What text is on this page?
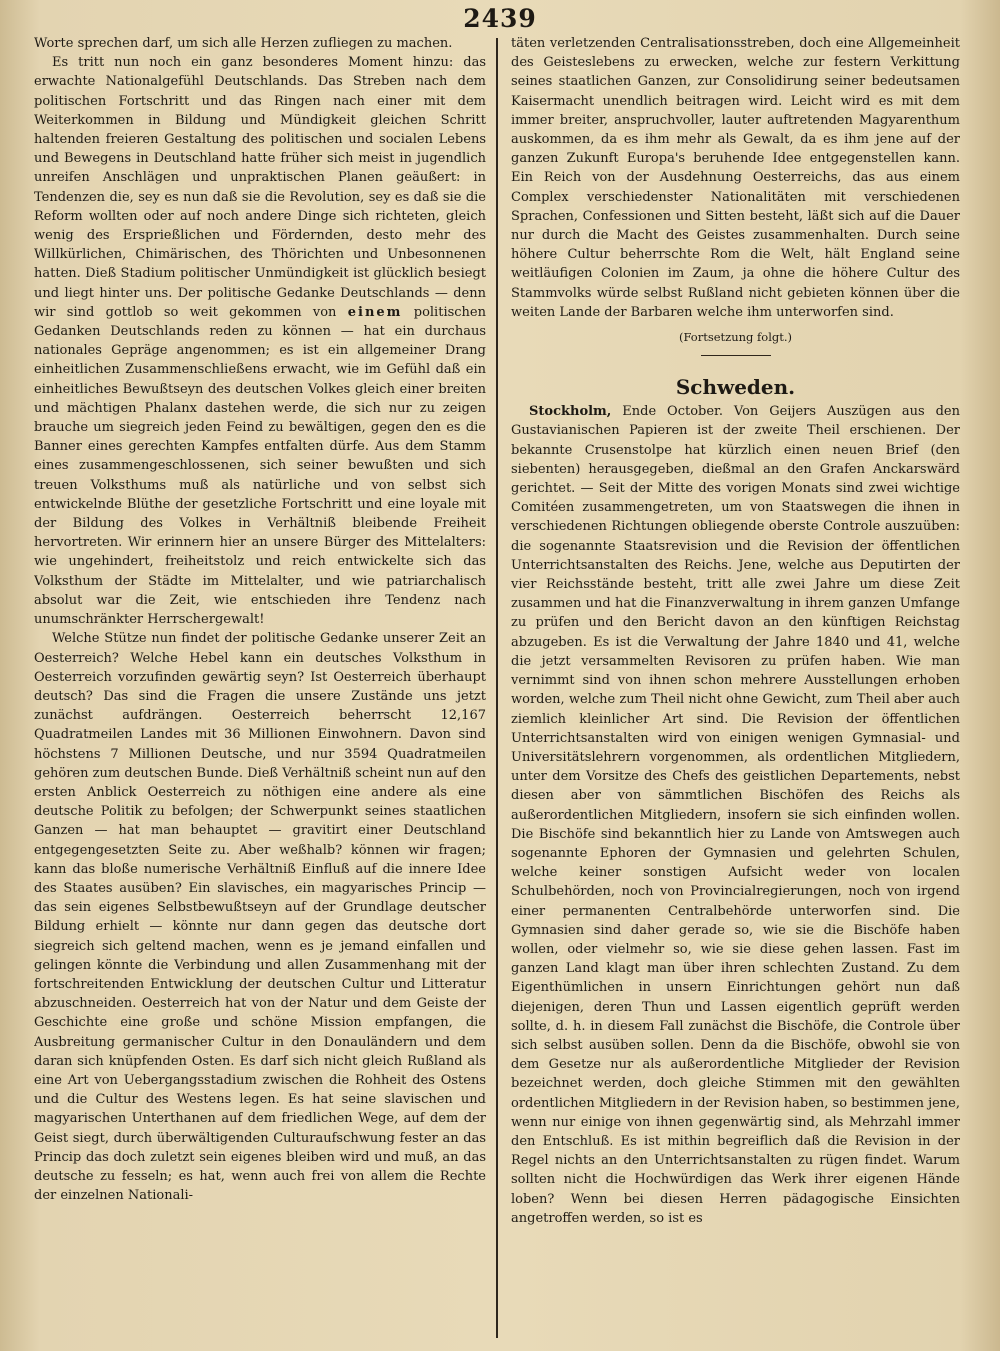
2439

Worte sprechen darf, um sich alle Herzen zufliegen zu machen.

Es tritt nun noch ein ganz besonderes Moment hinzu: das erwachte Nationalgefühl Deutschlands. Das Streben nach dem politischen Fortschritt und das Ringen nach einer mit dem Weiterkommen in Bildung und Mündigkeit gleichen Schritt haltenden freieren Gestaltung des politischen und socialen Lebens und Bewegens in Deutschland hatte früher sich meist in jugendlich unreifen Anschlägen und unpraktischen Planen geäußert: in Tendenzen die, sey es nun daß sie die Revolution, sey es daß sie die Reform wollten oder auf noch andere Dinge sich richteten, gleich wenig des Ersprießlichen und Fördernden, desto mehr des Willkürlichen, Chimärischen, des Thörichten und Unbesonnenen hatten. Dieß Stadium politischer Unmündigkeit ist glücklich besiegt und liegt hinter uns. Der politische Gedanke Deutschlands — denn wir sind gottlob so weit gekommen von einem politischen Gedanken Deutschlands reden zu können — hat ein durchaus nationales Gepräge angenommen; es ist ein allgemeiner Drang einheitlichen Zusammenschließens erwacht, wie im Gefühl daß ein einheitliches Bewußtseyn des deutschen Volkes gleich einer breiten und mächtigen Phalanx dastehen werde, die sich nur zu zeigen brauche um siegreich jeden Feind zu bewältigen, gegen den es die Banner eines gerechten Kampfes entfalten dürfe. Aus dem Stamm eines zusammengeschlossenen, sich seiner bewußten und sich treuen Volksthums muß als natürliche und von selbst sich entwickelnde Blüthe der gesetzliche Fortschritt und eine loyale mit der Bildung des Volkes in Verhältniß bleibende Freiheit hervortreten. Wir erinnern hier an unsere Bürger des Mittelalters: wie ungehindert, freiheitstolz und reich entwickelte sich das Volksthum der Städte im Mittelalter, und wie patriarchalisch absolut war die Zeit, wie entschieden ihre Tendenz nach unumschränkter Herrschergewalt!

Welche Stütze nun findet der politische Gedanke unserer Zeit an Oesterreich? Welche Hebel kann ein deutsches Volksthum in Oesterreich vorzufinden gewärtig seyn? Ist Oesterreich überhaupt deutsch? Das sind die Fragen die unsere Zustände uns jetzt zunächst aufdrängen. Oesterreich beherrscht 12,167 Quadratmeilen Landes mit 36 Millionen Einwohnern. Davon sind höchstens 7 Millionen Deutsche, und nur 3594 Quadratmeilen gehören zum deutschen Bunde. Dieß Verhältniß scheint nun auf den ersten Anblick Oesterreich zu nöthigen eine andere als eine deutsche Politik zu befolgen; der Schwerpunkt seines staatlichen Ganzen — hat man behauptet — gravitirt einer Deutschland entgegengesetzten Seite zu. Aber weßhalb? können wir fragen; kann das bloße numerische Verhältniß Einfluß auf die innere Idee des Staates ausüben? Ein slavisches, ein magyarisches Princip — das sein eigenes Selbstbewußtseyn auf der Grundlage deutscher Bildung erhielt — könnte nur dann gegen das deutsche dort siegreich sich geltend machen, wenn es je jemand einfallen und gelingen könnte die Verbindung und allen Zusammenhang mit der fortschreitenden Entwicklung der deutschen Cultur und Litteratur abzuschneiden. Oesterreich hat von der Natur und dem Geiste der Geschichte eine große und schöne Mission empfangen, die Ausbreitung germanischer Cultur in den Donauländern und dem daran sich knüpfenden Osten. Es darf sich nicht gleich Rußland als eine Art von Uebergangsstadium zwischen die Rohheit des Ostens und die Cultur des Westens legen. Es hat seine slavischen und magyarischen Unterthanen auf dem friedlichen Wege, auf dem der Geist siegt, durch überwältigenden Culturaufschwung fester an das Princip das doch zuletzt sein eigenes bleiben wird und muß, an das deutsche zu fesseln; es hat, wenn auch frei von allem die Rechte der einzelnen Nationali-

täten verletzenden Centralisationsstreben, doch eine Allgemeinheit des Geisteslebens zu erwecken, welche zur festern Verkittung seines staatlichen Ganzen, zur Consolidirung seiner bedeutsamen Kaisermacht unendlich beitragen wird. Leicht wird es mit dem immer breiter, anspruchvoller, lauter auftretenden Magyarenthum auskommen, da es ihm mehr als Gewalt, da es ihm jene auf der ganzen Zukunft Europa's beruhende Idee entgegenstellen kann. Ein Reich von der Ausdehnung Oesterreichs, das aus einem Complex verschiedenster Nationalitäten mit verschiedenen Sprachen, Confessionen und Sitten besteht, läßt sich auf die Dauer nur durch die Macht des Geistes zusammenhalten. Durch seine höhere Cultur beherrschte Rom die Welt, hält England seine weitläufigen Colonien im Zaum, ja ohne die höhere Cultur des Stammvolks würde selbst Rußland nicht gebieten können über die weiten Lande der Barbaren welche ihm unterworfen sind.

(Fortsetzung folgt.)

Schweden.

Stockholm, Ende October. Von Geijers Auszügen aus den Gustavianischen Papieren ist der zweite Theil erschienen. Der bekannte Crusenstolpe hat kürzlich einen neuen Brief (den siebenten) herausgegeben, dießmal an den Grafen Anckarswärd gerichtet. — Seit der Mitte des vorigen Monats sind zwei wichtige Comitéen zusammengetreten, um von Staatswegen die ihnen in verschiedenen Richtungen obliegende oberste Controle auszuüben: die sogenannte Staatsrevision und die Revision der öffentlichen Unterrichtsanstalten des Reichs. Jene, welche aus Deputirten der vier Reichsstände besteht, tritt alle zwei Jahre um diese Zeit zusammen und hat die Finanzverwaltung in ihrem ganzen Umfange zu prüfen und den Bericht davon an den künftigen Reichstag abzugeben. Es ist die Verwaltung der Jahre 1840 und 41, welche die jetzt versammelten Revisoren zu prüfen haben. Wie man vernimmt sind von ihnen schon mehrere Ausstellungen erhoben worden, welche zum Theil nicht ohne Gewicht, zum Theil aber auch ziemlich kleinlicher Art sind. Die Revision der öffentlichen Unterrichtsanstalten wird von einigen wenigen Gymnasial- und Universitätslehrern vorgenommen, als ordentlichen Mitgliedern, unter dem Vorsitze des Chefs des geistlichen Departements, nebst diesen aber von sämmtlichen Bischöfen des Reichs als außerordentlichen Mitgliedern, insofern sie sich einfinden wollen. Die Bischöfe sind bekanntlich hier zu Lande von Amtswegen auch sogenannte Ephoren der Gymnasien und gelehrten Schulen, welche keiner sonstigen Aufsicht weder von localen Schulbehörden, noch von Provincialregierungen, noch von irgend einer permanenten Centralbehörde unterworfen sind. Die Gymnasien sind daher gerade so, wie sie die Bischöfe haben wollen, oder vielmehr so, wie sie diese gehen lassen. Fast im ganzen Land klagt man über ihren schlechten Zustand. Zu dem Eigenthümlichen in unsern Einrichtungen gehört nun daß diejenigen, deren Thun und Lassen eigentlich geprüft werden sollte, d. h. in diesem Fall zunächst die Bischöfe, die Controle über sich selbst ausüben sollen. Denn da die Bischöfe, obwohl sie von dem Gesetze nur als außerordentliche Mitglieder der Revision bezeichnet werden, doch gleiche Stimmen mit den gewählten ordentlichen Mitgliedern in der Revision haben, so bestimmen jene, wenn nur einige von ihnen gegenwärtig sind, als Mehrzahl immer den Entschluß. Es ist mithin begreiflich daß die Revision in der Regel nichts an den Unterrichtsanstalten zu rügen findet. Warum sollten nicht die Hochwürdigen das Werk ihrer eigenen Hände loben? Wenn bei diesen Herren pädagogische Einsichten angetroffen werden, so ist es
